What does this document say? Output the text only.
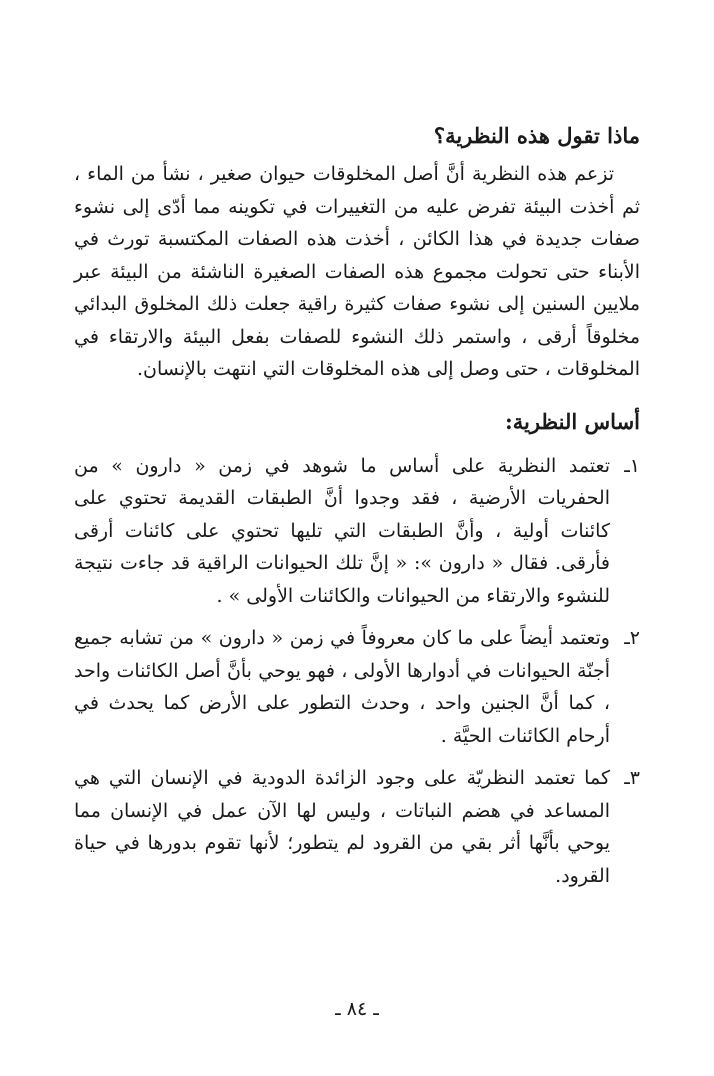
ماذا تقول هذه النظرية؟

تزعم هذه النظرية أنَّ أصل المخلوقات حيوان صغير ، نشأ من الماء ، ثم أخذت البيئة تفرض عليه من التغييرات في تكوينه مما أدّى إلى نشوء صفات جديدة في هذا الكائن ، أخذت هذه الصفات المكتسبة تورث في الأبناء حتى تحولت مجموع هذه الصفات الصغيرة الناشئة من البيئة عبر ملايين السنين إلى نشوء صفات كثيرة راقية جعلت ذلك المخلوق البدائي مخلوقاً أرقى ، واستمر ذلك النشوء للصفات بفعل البيئة والارتقاء في المخلوقات ، حتى وصل إلى هذه المخلوقات التي انتهت بالإنسان.

أساس النظرية:
١ـ
تعتمد النظرية على أساس ما شوهد في زمن « دارون » من الحفريات الأرضية ، فقد وجدوا أنَّ الطبقات القديمة تحتوي على كائنات أولية ، وأنَّ الطبقات التي تليها تحتوي على كائنات أرقى فأرقى. فقال « دارون »: « إنَّ تلك الحيوانات الراقية قد جاءت نتيجة للنشوء والارتقاء من الحيوانات والكائنات الأولى » .
٢ـ
وتعتمد أيضاً على ما كان معروفاً في زمن « دارون » من تشابه جميع أجنّة الحيوانات في أدوارها الأولى ، فهو يوحي بأنَّ أصل الكائنات واحد ، كما أنَّ الجنين واحد ، وحدث التطور على الأرض كما يحدث في أرحام الكائنات الحيَّة .
٣ـ
كما تعتمد النظريّة على وجود الزائدة الدودية في الإنسان التي هي المساعد في هضم النباتات ، وليس لها الآن عمل في الإنسان مما يوحي بأنَّها أثر بقي من القرود لم يتطور؛ لأنها تقوم بدورها في حياة القرود.
ـ ٨٤ ـ
